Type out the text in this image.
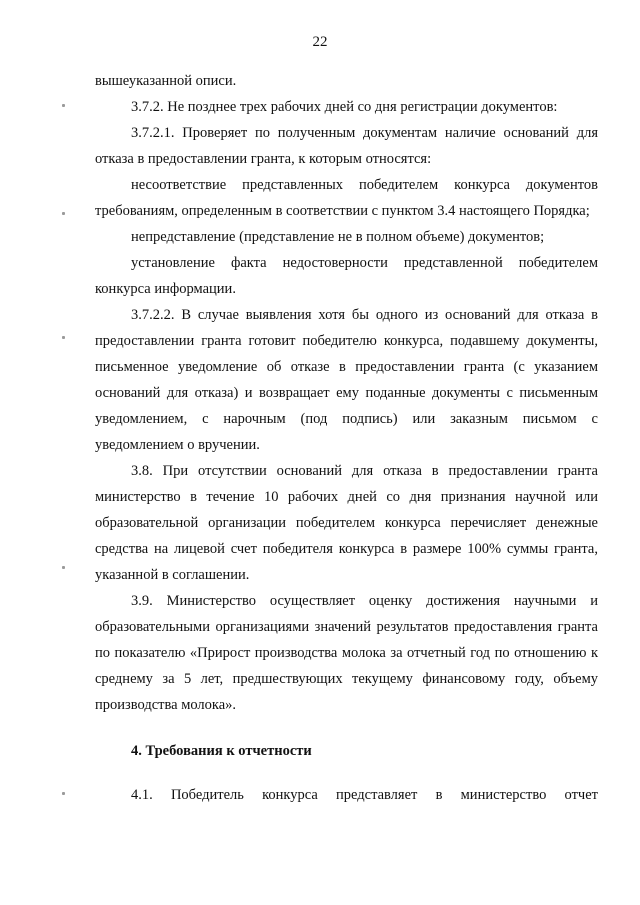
22

вышеуказанной описи.

3.7.2. Не позднее трех рабочих дней со дня регистрации документов:

3.7.2.1. Проверяет по полученным документам наличие оснований для отказа в предоставлении гранта, к которым относятся:

несоответствие представленных победителем конкурса документов требованиям, определенным в соответствии с пунктом 3.4 настоящего Порядка;

непредставление (представление не в полном объеме) документов;

установление факта недостоверности представленной победителем конкурса информации.

3.7.2.2. В случае выявления хотя бы одного из оснований для отказа в предоставлении гранта готовит победителю конкурса, подавшему документы, письменное уведомление об отказе в предоставлении гранта (с указанием оснований для отказа) и возвращает ему поданные документы с письменным уведомлением, с нарочным (под подпись) или заказным письмом с уведомлением о вручении.

3.8. При отсутствии оснований для отказа в предоставлении гранта министерство в течение 10 рабочих дней со дня признания научной или образовательной организации победителем конкурса перечисляет денежные средства на лицевой счет победителя конкурса в размере 100% суммы гранта, указанной в соглашении.

3.9. Министерство осуществляет оценку достижения научными и образовательными организациями значений результатов предоставления гранта по показателю «Прирост производства молока за отчетный год по отношению к среднему за 5 лет, предшествующих текущему финансовому году, объему производства молока».

4. Требования к отчетности

4.1. Победитель конкурса представляет в министерство отчет
